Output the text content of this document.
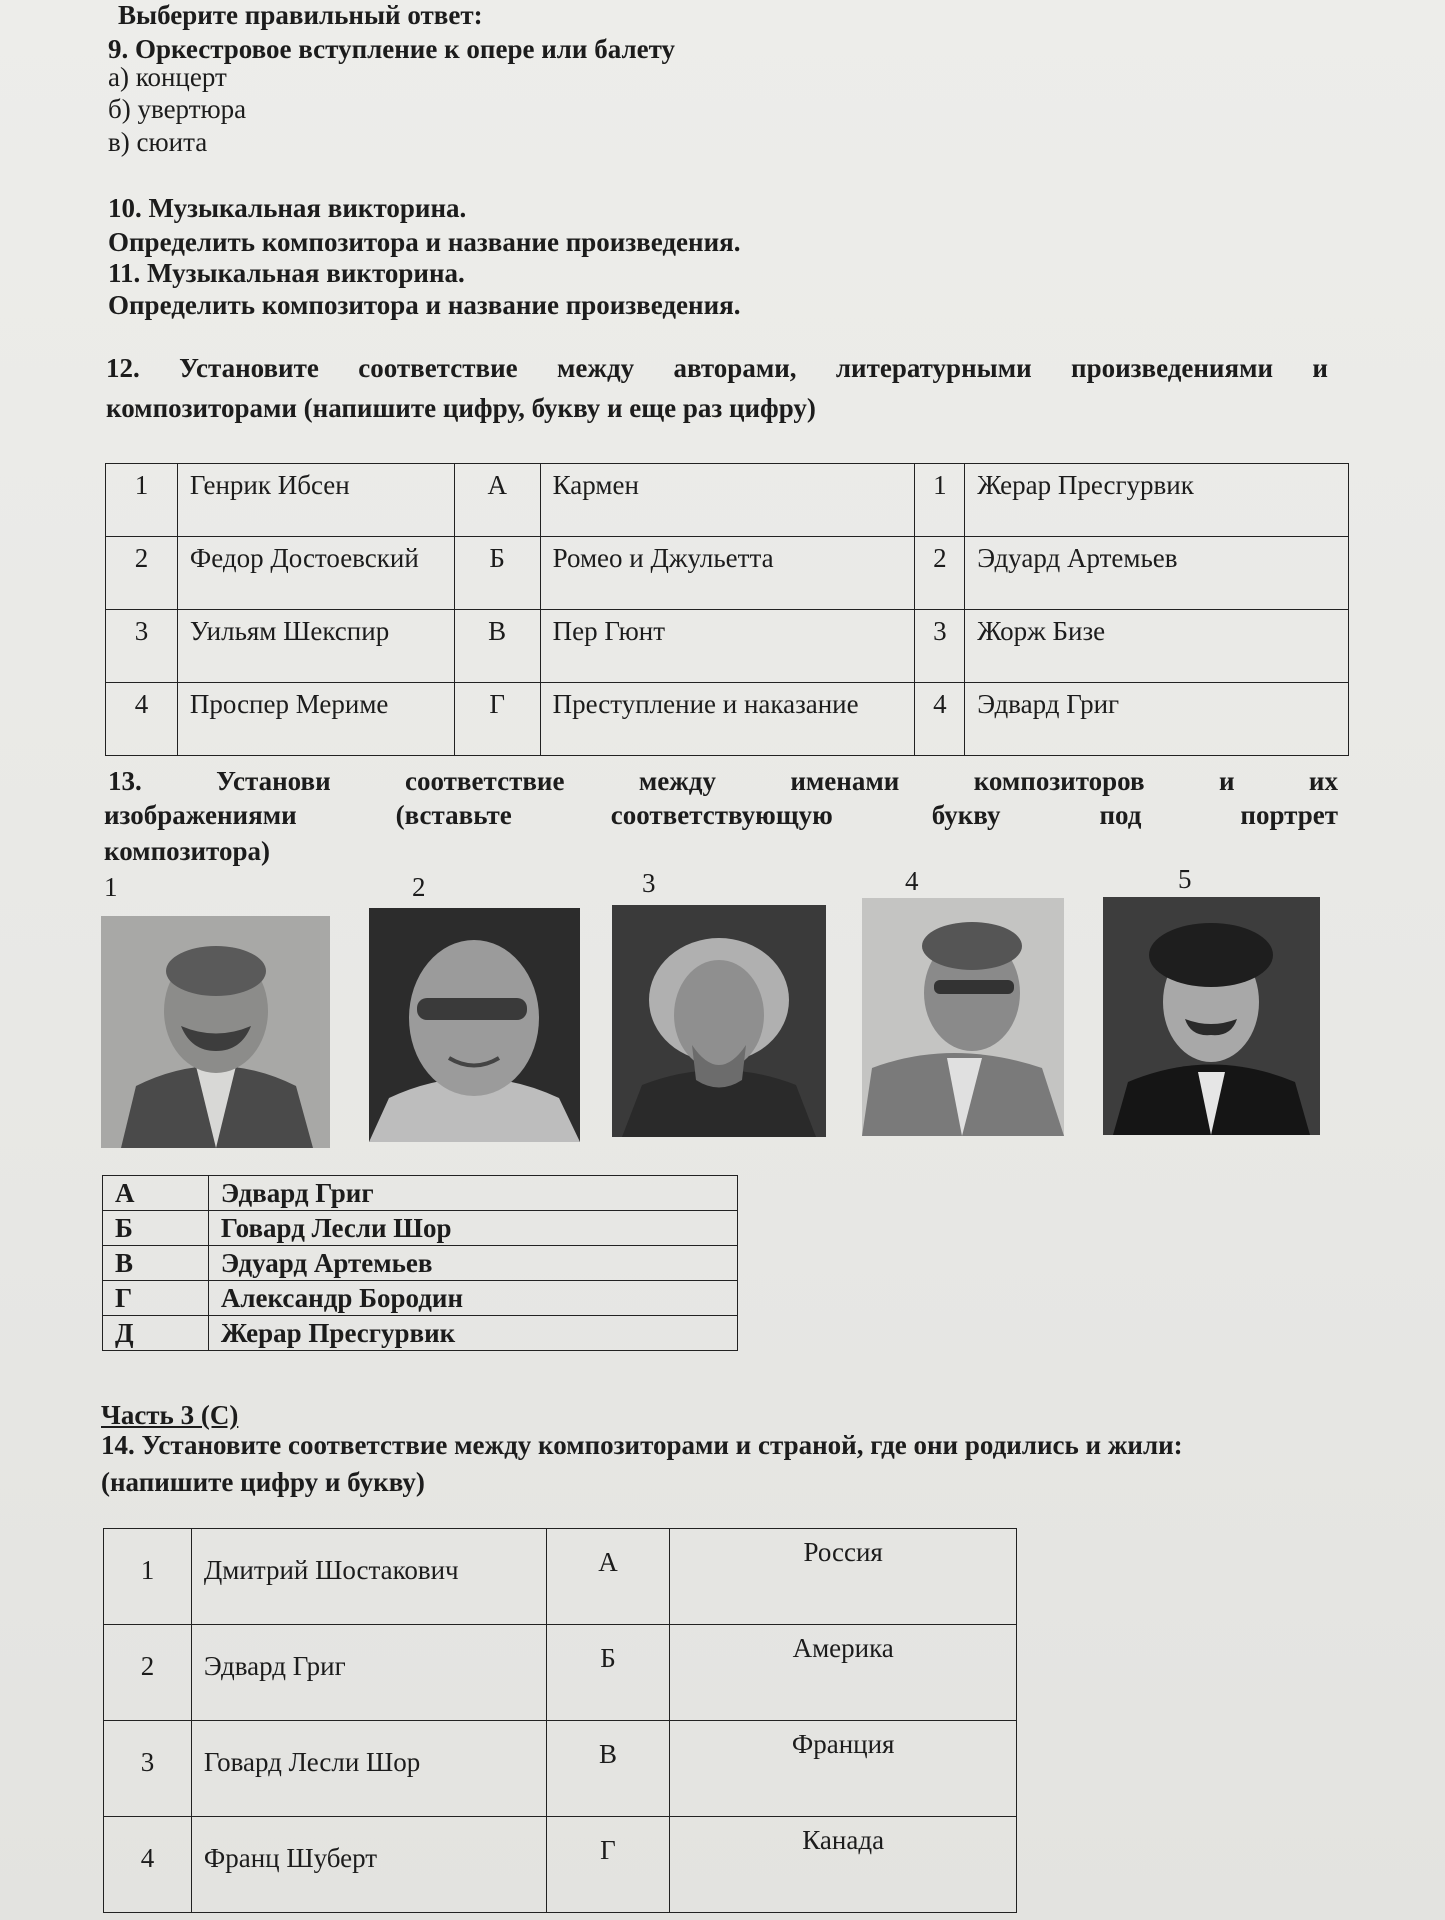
Выберите правильный ответ:
9. Оркестровое вступление к опере или балету
а) концерт
б) увертюра
в) сюита
10. Музыкальная викторина.
Определить композитора и название произведения.
11. Музыкальная викторина.
Определить композитора и название произведения.
12. Установите соответствие между авторами, литературными произведениями и
композиторами (напишите цифру, букву и еще раз цифру)
1	Генрик Ибсен	А	Кармен	1	Жерар Пресгурвик
2	Федор Достоевский	Б	Ромео и Джульетта	2	Эдуард Артемьев
3	Уильям Шекспир	В	Пер Гюнт	3	Жорж Бизе
4	Проспер Мериме	Г	Преступление и наказание	4	Эдвард Григ
13.	Установи	соответствие	между	именами	композиторов	и	их
изображениями	(вставьте	соответствующую	букву	под	портрет
композитора)
1	2	3	4	5
А	Эдвард Григ
Б	Говард Лесли Шор
В	Эдуард Артемьев
Г	Александр Бородин
Д	Жерар Пресгурвик
Часть 3 (С)
14. Установите соответствие между композиторами и страной, где они родились и жили:
(напишите цифру и букву)
1	Дмитрий Шостакович	А	Россия
2	Эдвард Григ	Б	Америка
3	Говард Лесли Шор	В	Франция
4	Франц Шуберт	Г	Канада
